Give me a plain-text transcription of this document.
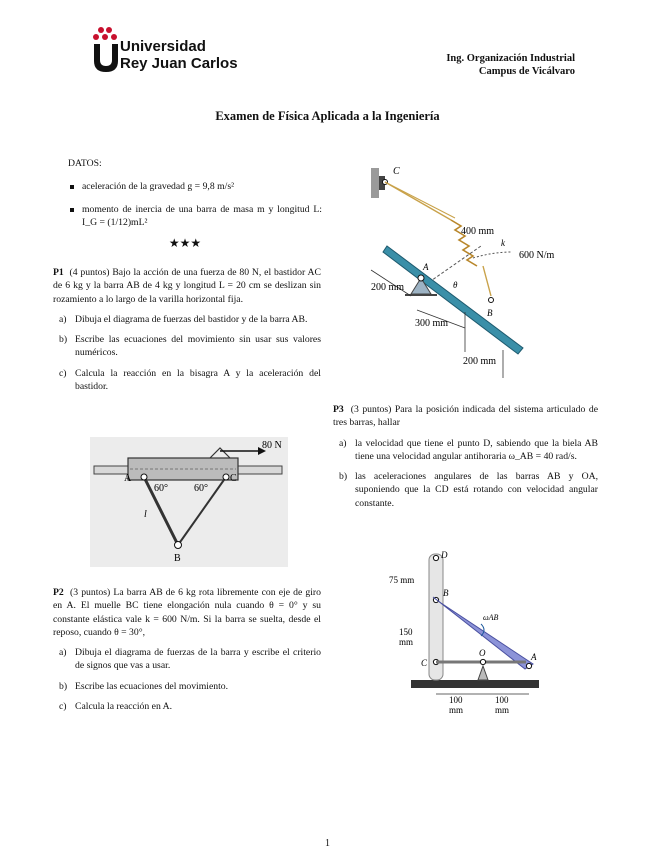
Universidad
Rey Juan Carlos	Ing. Organización Industrial
Campus de Vicálvaro
Examen de Física Aplicada a la Ingeniería
DATOS:
aceleración de la gravedad g = 9,8 m/s²
momento de inercia de una barra de masa m y longitud L: I_G = (1/12)mL²
★★★
P1 (4 puntos) Bajo la acción de una fuerza de 80 N, el bastidor AC de 6 kg y la barra AB de 4 kg y longitud L = 20 cm se deslizan sin rozamiento a lo largo de la varilla horizontal fija.
a) Dibuja el diagrama de fuerzas del bastidor y de la barra AB.
b) Escribe las ecuaciones del movimiento sin usar sus valores numéricos.
c) Calcula la reacción en la bisagra A y la aceleración del bastidor.
80 N
A	C
B
60°	60°
l
P2 (3 puntos) La barra AB de 6 kg rota libremente con eje de giro en A. El muelle BC tiene elongación nula cuando θ = 0° y su constante elástica vale k = 600 N/m. Si la barra se suelta, desde el reposo, cuando θ = 30°,
a) Dibuja el diagrama de fuerzas de la barra y escribe el criterio de signos que vas a usar.
b) Escribe las ecuaciones del movimiento.
c) Calcula la reacción en A.
C
400 mm
k
600 N/m
A
θ
B
200 mm
300 mm
200 mm
P3 (3 puntos) Para la posición indicada del sistema articulado de tres barras, hallar
a) la velocidad que tiene el punto D, sabiendo que la biela AB tiene una velocidad angular antihoraria ω_AB = 40 rad/s.
b) las aceleraciones angulares de las barras AB y OA, suponiendo que la CD está rotando con velocidad angular constante.
D
B
C
O	A
ωAB
75 mm
150
mm
100
mm
100
mm
1
